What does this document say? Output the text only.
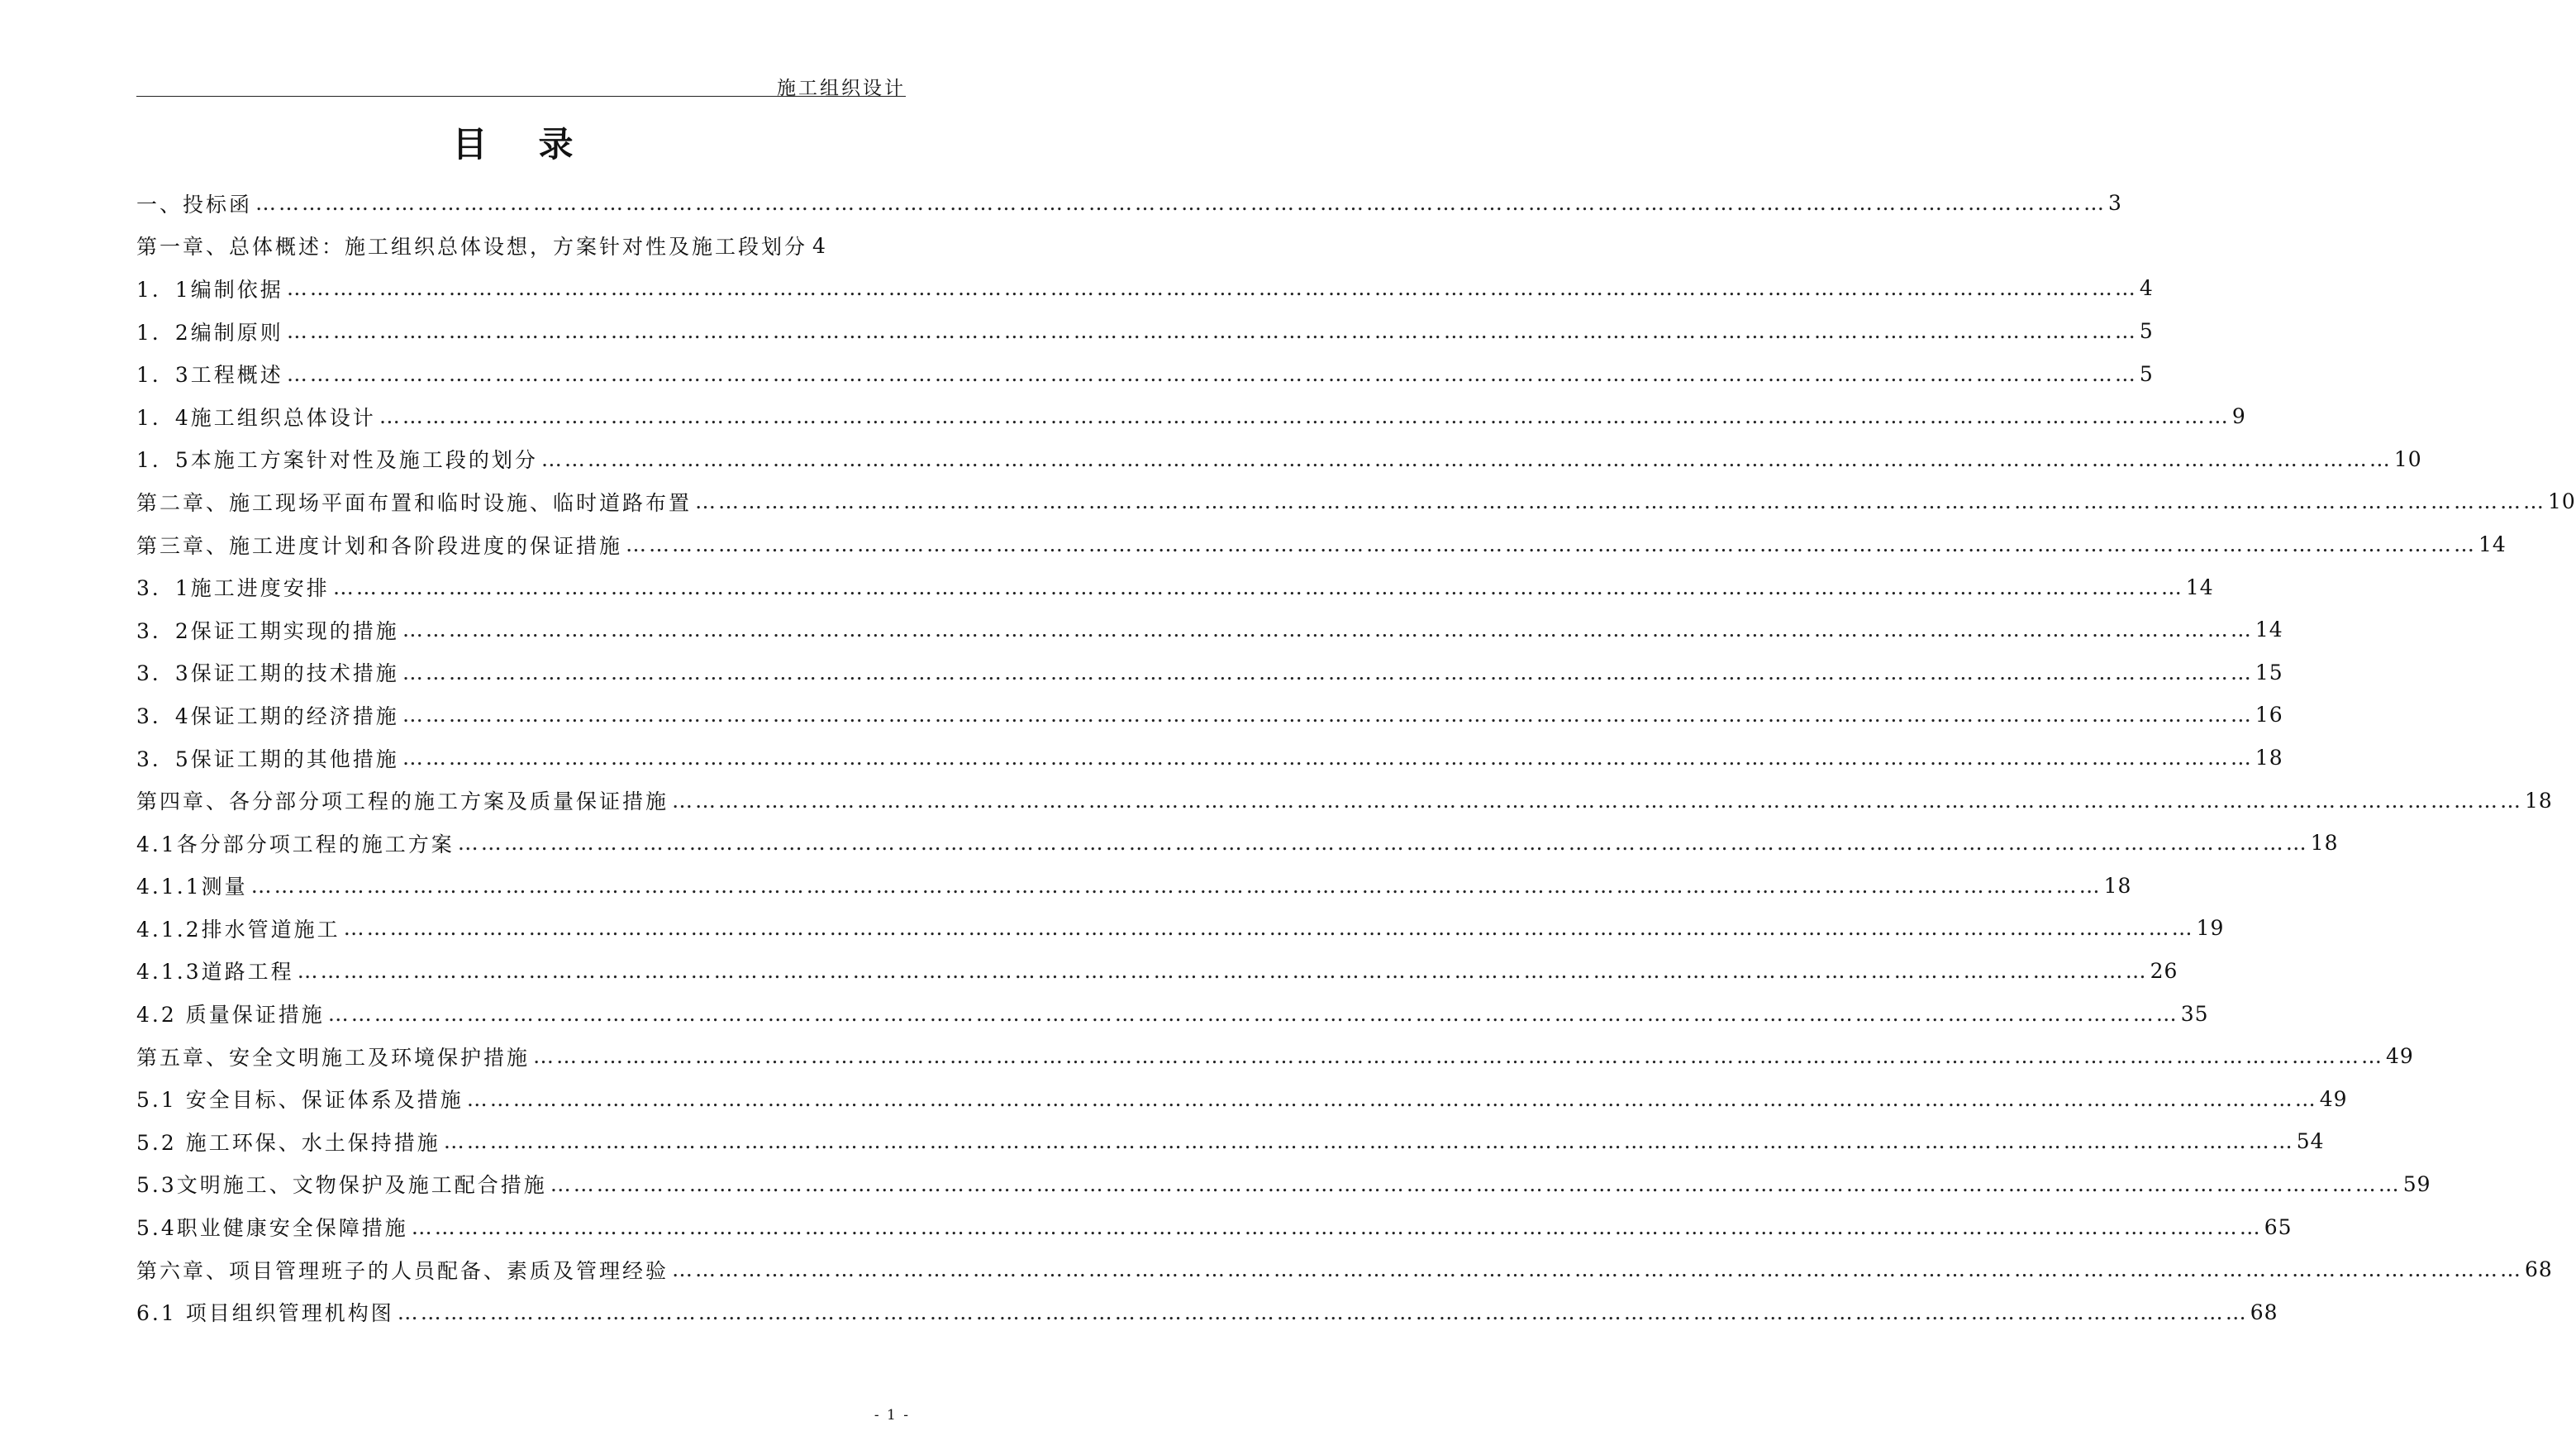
施工组织设计
目 录
一、投标函 …………………………………………………………………………………………………………………………………………………………………………………………………………………… 3
第一章、总体概述：施工组织总体设想，方案针对性及施工段划分 4
1．1编制依据 …………………………………………………………………………………………………………………………………………………………………………………………………………………… 4
1．2编制原则 …………………………………………………………………………………………………………………………………………………………………………………………………………………… 5
1．3工程概述 …………………………………………………………………………………………………………………………………………………………………………………………………………………… 5
1．4施工组织总体设计 …………………………………………………………………………………………………………………………………………………………………………………………………………………… 9
1．5本施工方案针对性及施工段的划分 …………………………………………………………………………………………………………………………………………………………………………………………………………………… 10
第二章、施工现场平面布置和临时设施、临时道路布置 …………………………………………………………………………………………………………………………………………………………………………………………………………………… 10
第三章、施工进度计划和各阶段进度的保证措施 …………………………………………………………………………………………………………………………………………………………………………………………………………………… 14
3．1施工进度安排 …………………………………………………………………………………………………………………………………………………………………………………………………………………… 14
3．2保证工期实现的措施 …………………………………………………………………………………………………………………………………………………………………………………………………………………… 14
3．3保证工期的技术措施 …………………………………………………………………………………………………………………………………………………………………………………………………………………… 15
3．4保证工期的经济措施 …………………………………………………………………………………………………………………………………………………………………………………………………………………… 16
3．5保证工期的其他措施 …………………………………………………………………………………………………………………………………………………………………………………………………………………… 18
第四章、各分部分项工程的施工方案及质量保证措施 …………………………………………………………………………………………………………………………………………………………………………………………………………………… 18
4.1各分部分项工程的施工方案 …………………………………………………………………………………………………………………………………………………………………………………………………………………… 18
4.1.1测量 …………………………………………………………………………………………………………………………………………………………………………………………………………………… 18
4.1.2排水管道施工 …………………………………………………………………………………………………………………………………………………………………………………………………………………… 19
4.1.3道路工程 …………………………………………………………………………………………………………………………………………………………………………………………………………………… 26
4.2 质量保证措施 …………………………………………………………………………………………………………………………………………………………………………………………………………………… 35
第五章、安全文明施工及环境保护措施 …………………………………………………………………………………………………………………………………………………………………………………………………………………… 49
5.1 安全目标、保证体系及措施 …………………………………………………………………………………………………………………………………………………………………………………………………………………… 49
5.2 施工环保、水土保持措施 …………………………………………………………………………………………………………………………………………………………………………………………………………………… 54
5.3文明施工、文物保护及施工配合措施 …………………………………………………………………………………………………………………………………………………………………………………………………………………… 59
5.4职业健康安全保障措施 …………………………………………………………………………………………………………………………………………………………………………………………………………………… 65
第六章、项目管理班子的人员配备、素质及管理经验 …………………………………………………………………………………………………………………………………………………………………………………………………………………… 68
6.1 项目组织管理机构图 …………………………………………………………………………………………………………………………………………………………………………………………………………………… 68
- 1 -
